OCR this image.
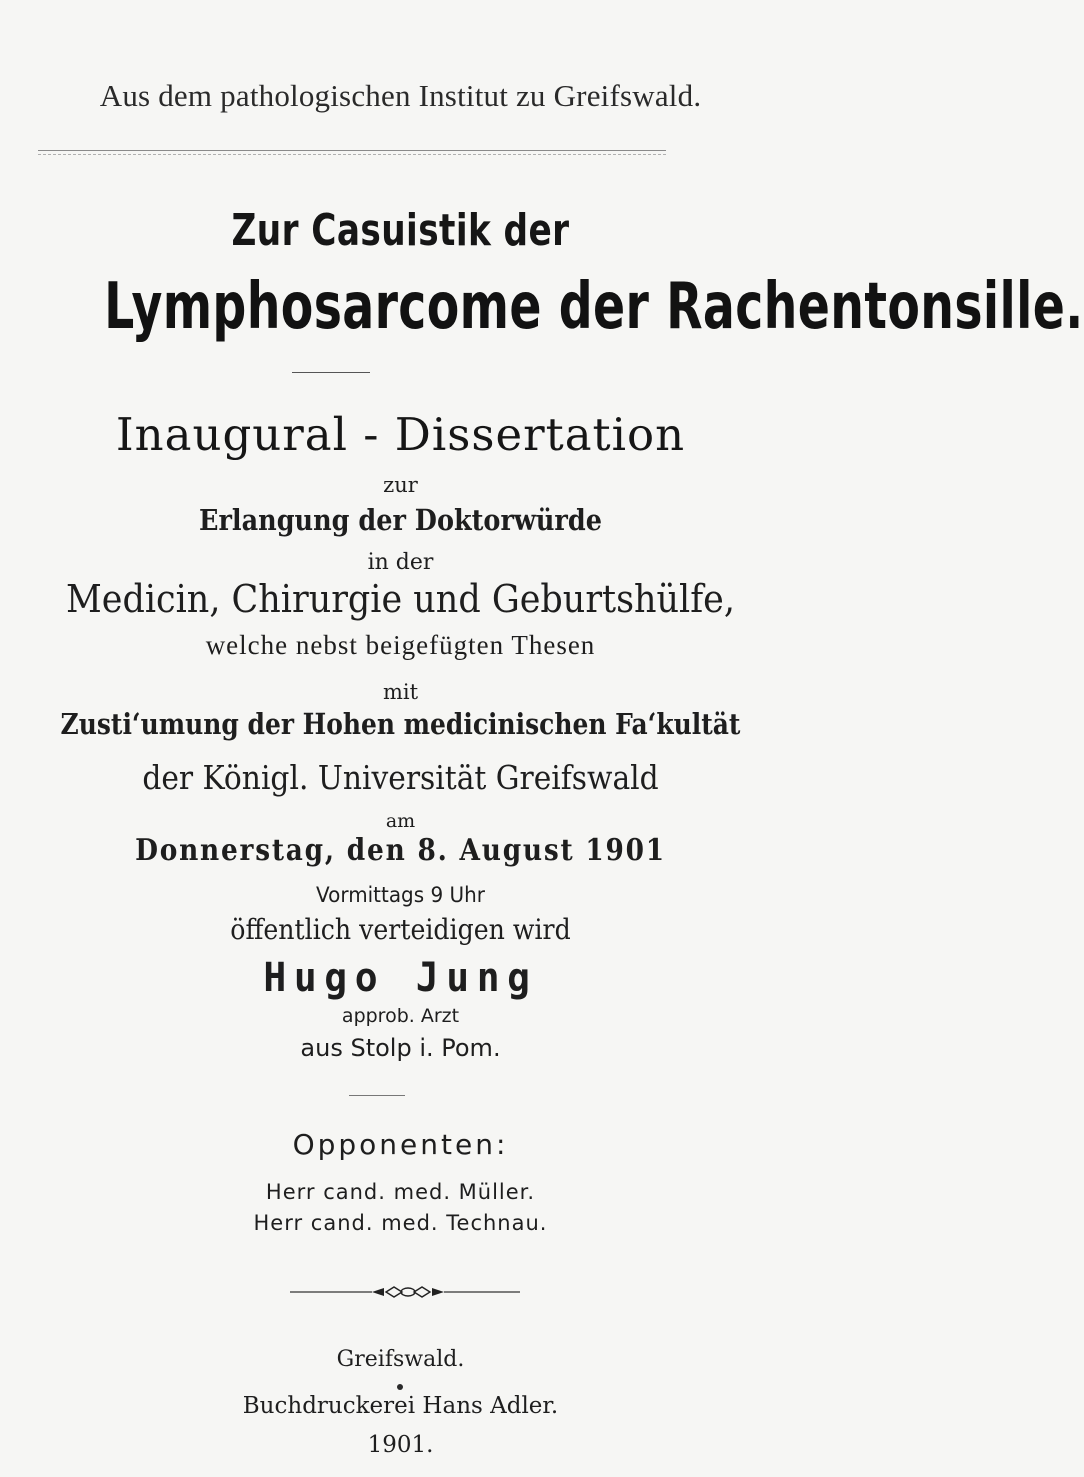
Aus dem pathologischen Institut zu Greifswald.
Zur Casuistik der
Lymphosarcome der Rachentonsille.
Inaugural - Dissertation
zur
Erlangung der Doktorwürde
in der
Medicin, Chirurgie und Geburtshülfe,
welche nebst beigefügten Thesen
mit
Zusti‘umung der Hohen medicinischen Fa‘kultät
der Königl. Universität Greifswald
am
Donnerstag, den 8. August 1901
Vormittags 9 Uhr
öffentlich verteidigen wird
Hugo Jung
approb. Arzt
aus Stolp i. Pom.
Opponenten:
Herr cand. med. Müller.
Herr cand. med. Technau.
Greifswald.
Buchdruckerei Hans Adler.
1901.
